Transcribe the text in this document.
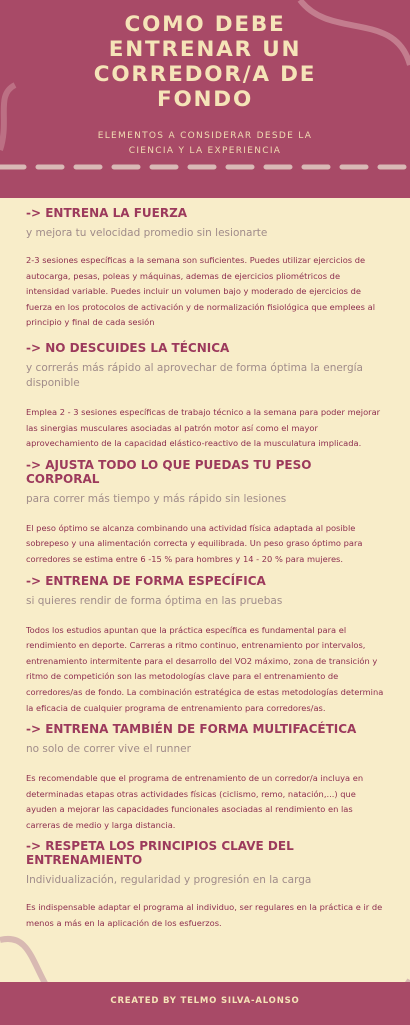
COMO DEBE
ENTRENAR UN
CORREDOR/A DE
FONDO
ELEMENTOS A CONSIDERAR DESDE LA
CIENCIA Y LA EXPERIENCIA
-> ENTRENA LA FUERZA
y mejora tu velocidad promedio sin lesionarte
2-3 sesiones específicas a la semana son suficientes. Puedes utilizar ejercicios de autocarga, pesas, poleas y máquinas, ademas de ejercicios pliométricos de intensidad variable. Puedes incluir un volumen bajo y moderado de ejercicios de fuerza en los protocolos de activación y de normalización fisiológica que emplees al principio y final de cada sesión
-> NO DESCUIDES LA TÉCNICA
y correrás más rápido al aprovechar de forma óptima la energía disponible
Emplea 2 - 3 sesiones específicas de trabajo técnico a la semana para poder mejorar las sinergias musculares asociadas al patrón motor así como el mayor aprovechamiento de la capacidad elástico-reactivo de la musculatura implicada.
-> AJUSTA TODO LO QUE PUEDAS TU PESO CORPORAL
para correr más tiempo y más rápido sin lesiones
El peso óptimo se alcanza combinando una actividad física adaptada al posible sobrepeso y una alimentación correcta y equilibrada. Un peso graso óptimo para corredores se estima entre 6 -15 % para hombres y 14 - 20 % para mujeres.
-> ENTRENA DE FORMA ESPECÍFICA
si quieres rendir de forma óptima en las pruebas
Todos los estudios apuntan que la práctica específica es fundamental para el rendimiento en deporte. Carreras a ritmo continuo, entrenamiento por intervalos, entrenamiento intermitente para el desarrollo del VO2 máximo, zona de transición y ritmo de competición son las metodologías clave para el entrenamiento de corredores/as de fondo. La combinación estratégica de estas metodologías determina la eficacia de cualquier programa de entrenamiento para corredores/as.
-> ENTRENA TAMBIÉN DE FORMA MULTIFACÉTICA
no solo de correr vive el runner
Es recomendable que el programa de entrenamiento de un corredor/a incluya en determinadas etapas otras actividades físicas (ciclismo, remo, natación,...) que ayuden a mejorar las capacidades funcionales asociadas al rendimiento en las carreras de medio y larga distancia.
-> RESPETA LOS PRINCIPIOS CLAVE DEL ENTRENAMIENTO
Individualización, regularidad y progresión en la carga
Es indispensable adaptar el programa al individuo, ser regulares en la práctica e ir de menos a más en la aplicación de los esfuerzos.
CREATED BY TELMO SILVA-ALONSO
